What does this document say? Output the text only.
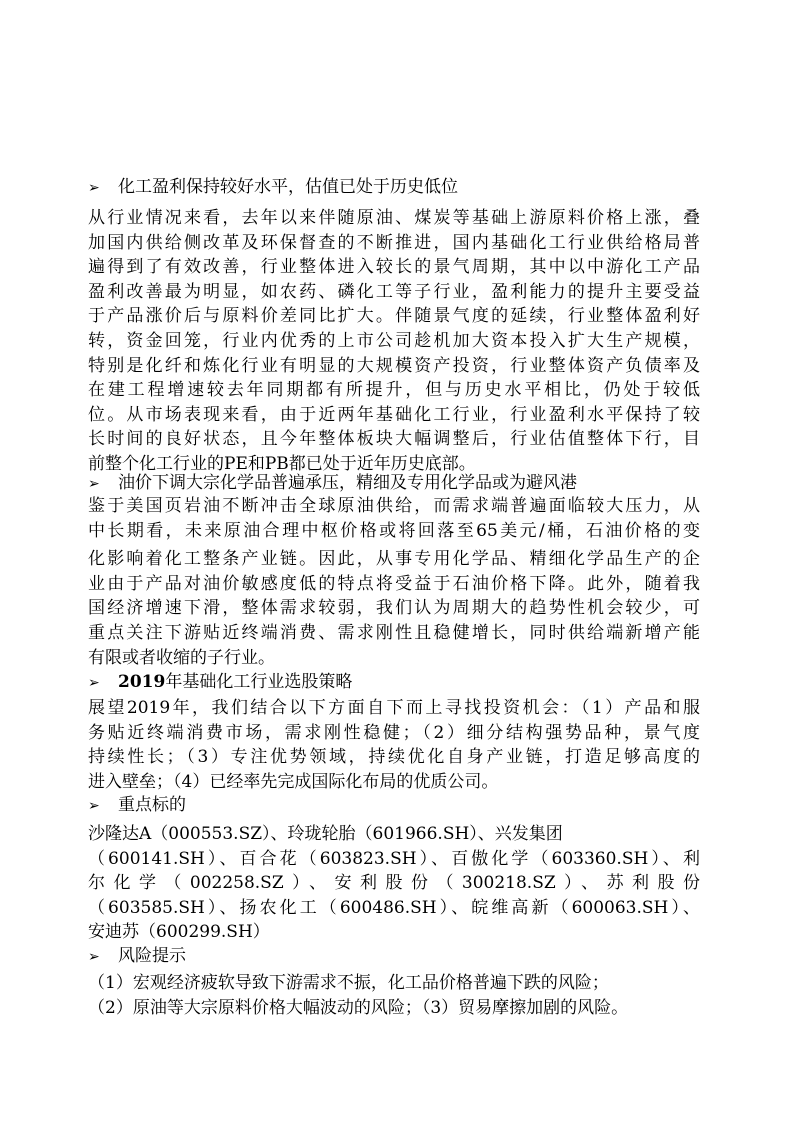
➢ 化工盈利保持较好水平，估值已处于历史低位
从行业情况来看，去年以来伴随原油、煤炭等基础上游原料价格上涨，叠
加国内供给侧改革及环保督查的不断推进，国内基础化工行业供给格局普
遍得到了有效改善，行业整体进入较长的景气周期，其中以中游化工产品
盈利改善最为明显，如农药、磷化工等子行业，盈利能力的提升主要受益
于产品涨价后与原料价差同比扩大。伴随景气度的延续，行业整体盈利好
转，资金回笼，行业内优秀的上市公司趁机加大资本投入扩大生产规模，
特别是化纤和炼化行业有明显的大规模资产投资，行业整体资产负债率及
在建工程增速较去年同期都有所提升，但与历史水平相比，仍处于较低
位。从市场表现来看，由于近两年基础化工行业，行业盈利水平保持了较
长时间的良好状态，且今年整体板块大幅调整后，行业估值整体下行，目
前整个化工行业的PE和PB都已处于近年历史底部。
➢ 油价下调大宗化学品普遍承压，精细及专用化学品或为避风港
鉴于美国页岩油不断冲击全球原油供给，而需求端普遍面临较大压力，从
中长期看，未来原油合理中枢价格或将回落至65美元/桶，石油价格的变
化影响着化工整条产业链。因此，从事专用化学品、精细化学品生产的企
业由于产品对油价敏感度低的特点将受益于石油价格下降。此外，随着我
国经济增速下滑，整体需求较弱，我们认为周期大的趋势性机会较少，可
重点关注下游贴近终端消费、需求刚性且稳健增长，同时供给端新增产能
有限或者收缩的子行业。
➢ 2019年基础化工行业选股策略
展望2019年，我们结合以下方面自下而上寻找投资机会：（1）产品和服
务贴近终端消费市场，需求刚性稳健；（2）细分结构强势品种，景气度
持续性长；（3）专注优势领域，持续优化自身产业链，打造足够高度的
进入壁垒；（4）已经率先完成国际化布局的优质公司。
➢ 重点标的
沙隆达A（000553.SZ）、玲珑轮胎（601966.SH）、兴发集团
（600141.SH）、百合花（603823.SH）、百傲化学（603360.SH）、利
尔化学（002258.SZ）、安利股份（300218.SZ）、苏利股份
（603585.SH）、扬农化工（600486.SH）、皖维高新（600063.SH）、
安迪苏（600299.SH）
➢ 风险提示
（1）宏观经济疲软导致下游需求不振，化工品价格普遍下跌的风险；
（2）原油等大宗原料价格大幅波动的风险；（3）贸易摩擦加剧的风险。
